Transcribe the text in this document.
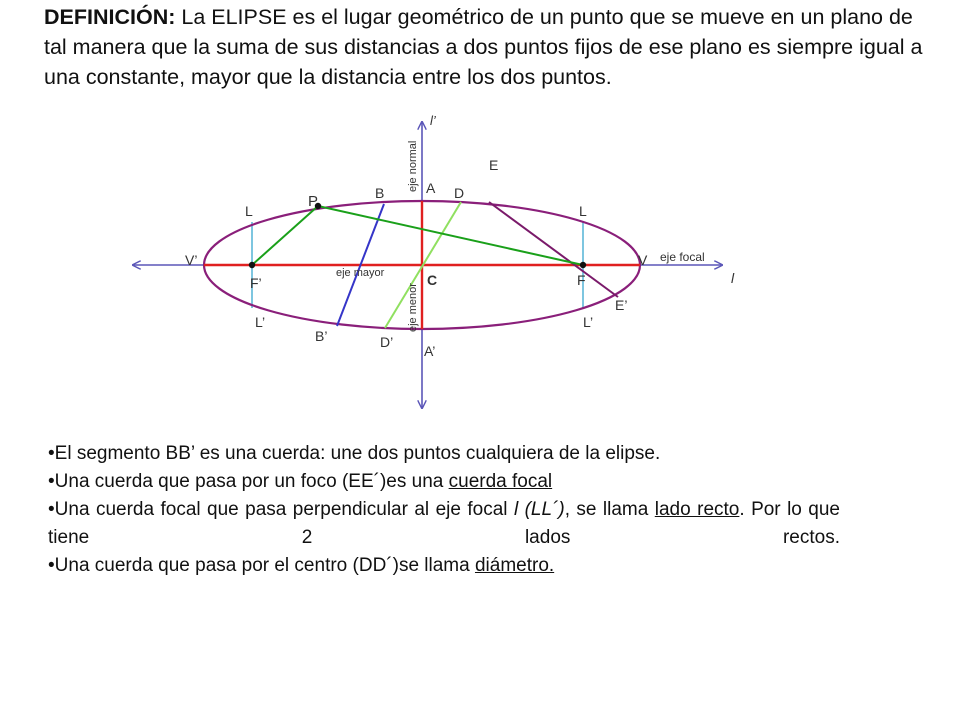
DEFINICIÓN: La ELIPSE es el lugar geométrico de un punto que se mueve en un plano de tal manera que la suma de sus distancias a dos puntos fijos de ese plano es siempre igual a una constante, mayor que la distancia entre los dos puntos.

l’
E
A
B	D
P
L	L
V’	V eje focal
l
eje mayor	C	F
F’
E’
L’	L’
B’	D’
A’
eje normal
eje menor
•El segmento BB’ es una cuerda: une dos puntos cualquiera de la elipse.
•Una cuerda que pasa por un foco (EE´)es una cuerda focal
•Una cuerda focal que pasa perpendicular al eje focal l (LL´), se llama lado recto. Por lo que tiene 2 lados rectos.
•Una cuerda que pasa por el centro (DD´)se llama diámetro.
